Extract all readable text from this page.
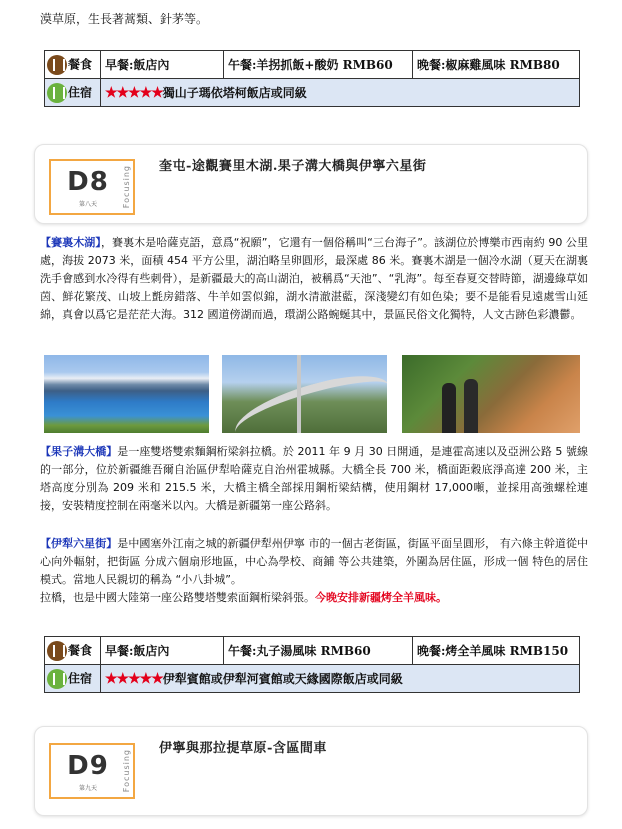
漠草原，生長著蒿類、針茅等。
餐食	早餐:飯店內	午餐:羊拐抓飯+酸奶 RMB60	晚餐:椒麻雞風味 RMB80
住宿	★★★★★獨山子瑪依塔柯飯店或同級		
D8
第八天	Focusing 奎屯-途觀賽里木湖.果子溝大橋與伊寧六星街
【賽裏木湖】，賽裏木是哈薩克語，意爲“祝願”，它還有一個俗稱叫“三台海子”。該湖位於博樂市西南約 90 公里處，海拔 2073 米，面積 454 平方公里，湖泊略呈卵圓形，最深處 86 米。賽裏木湖是一個冷水湖（夏天在湖裏洗手會感到水冷得有些刺骨），是新疆最大的高山湖泊，被稱爲“天池”、“乳海”。每至春夏交替時節，湖邊綠草如茵、鮮花繁茂、山坡上氈房錯落、牛羊如雲似錦，湖水清澈湛藍，深淺變幻有如色染；要不是能看見遠處雪山延綿，真會以爲它是茫茫大海。312 國道傍湖而過，環湖公路蜿蜒其中，景區民俗文化獨特，人文古跡色彩濃鬱。
【果子溝大橋】是一座雙塔雙索麵鋼桁梁斜拉橋。於 2011 年 9 月 30 日開通，是連霍高速以及亞洲公路 5 號線的一部分，位於新疆維吾爾自治區伊犁哈薩克自治州霍城縣。大橋全長 700 米，橋面距穀底淨高達 200 米，主塔高度分別為 209 米和 215.5 米，大橋主橋全部採用鋼桁梁結構，使用鋼材 17,000噸，並採用高強螺栓連接，安裝精度控制在兩毫米以內。大橋是新疆第一座公路斜。
【伊犁六星街】是中國塞外江南之城的新疆伊犁州伊寧 市的一個古老街區，街區平面呈圓形， 有六條主幹道從中心向外輻射，把街區 分成六個扇形地區，中心為學校、商鋪 等公共建築，外圍為居住區，形成一個 特色的居住模式。當地人民親切的稱為 “小八卦城”。
拉橋，也是中國大陸第一座公路雙塔雙索面鋼桁梁斜張。今晚安排新疆烤全羊風味。
餐食	早餐:飯店內	午餐:丸子湯風味 RMB60	晚餐:烤全羊風味 RMB150
住宿	★★★★★伊犁賓館或伊犁河賓館或天緣國際飯店或同級		
D9
第九天	Focusing
伊寧與那拉提草原-含區間車
